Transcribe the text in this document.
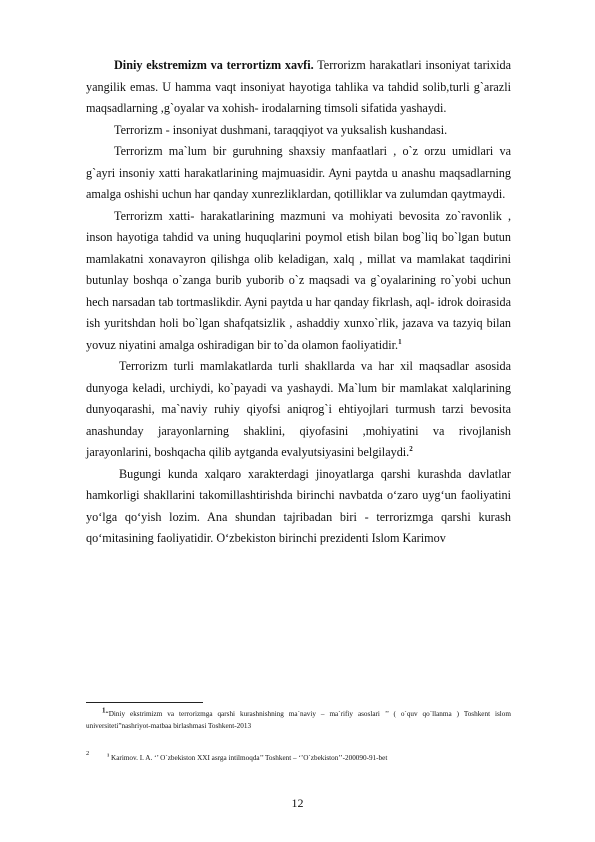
Diniy ekstremizm va terrortizm xavfi. Terrorizm harakatlari insoniyat tarixida yangilik emas. U hamma vaqt insoniyat hayotiga tahlika va tahdid solib,turli g`arazli maqsadlarning ,g`oyalar va xohish- irodalarning timsoli sifatida yashaydi.

Terrorizm - insoniyat dushmani, taraqqiyot va yuksalish kushandasi.

Terrorizm ma`lum bir guruhning shaxsiy manfaatlari , o`z orzu umidlari va g`ayri insoniy xatti harakatlarining majmuasidir. Ayni paytda u anashu maqsadlarning amalga oshishi uchun har qanday xunrezliklardan, qotilliklar va zulumdan qaytmaydi.

Terrorizm xatti- harakatlarining mazmuni va mohiyati bevosita zo`ravonlik , inson hayotiga tahdid va uning huquqlarini poymol etish bilan bog`liq bo`lgan butun mamlakatni xonavayron qilishga olib keladigan, xalq , millat va mamlakat taqdirini butunlay boshqa o`zanga burib yuborib o`z maqsadi va g`oyalarining ro`yobi uchun hech narsadan tab tortmaslikdir. Ayni paytda u har qanday fikrlash, aql- idrok doirasida ish yuritshdan holi bo`lgan shafqatsizlik , ashaddiy xunxo`rlik, jazava va tazyiq bilan yovuz niyatini amalga oshiradigan bir to`da olamon faoliyatidir.$^1$

Terrorizm turli mamlakatlarda turli shakllarda va har xil maqsadlar asosida dunyoga keladi, urchiydi, ko`payadi va yashaydi. Ma`lum bir mamlakat xalqlarining dunyoqarashi, ma`naviy ruhiy qiyofsi aniqrog`i ehtiyojlari turmush tarzi bevosita anashunday jarayonlarning shaklini, qiyofasini ,mohiyatini va rivojlanish jarayonlarini, boshqacha qilib aytganda evalyutsiyasini belgilaydi.$^2$

Bugungi kunda xalqaro xarakterdagi jinoyatlarga qarshi kurashda davlatlar hamkorligi shakllarini takomillashtirishda birinchi navbatda o‘zaro uyg‘un faoliyatini yo‘lga qo‘yish lozim. Ana shundan tajribadan biri - terrorizmga qarshi kurash qo‘mitasining faoliyatidir. O‘zbekiston birinchi prezidenti Islom Karimov

$^1$“Diniy ekstrimizm va terrorizmga qarshi kurashnishning ma`naviy – ma`rifiy asoslari ’’ ( o`quv qo`llanma ) Toshkent islom universiteti”nashriyot-matbaa birlashmasi Toshkent-2013
2	$^1$ Karimov. I. A. ‘’ O`zbekiston XXI asrga intilmoqda’’ Toshkent – ‘’O`zbekiston’’-200090-91-bet
12
